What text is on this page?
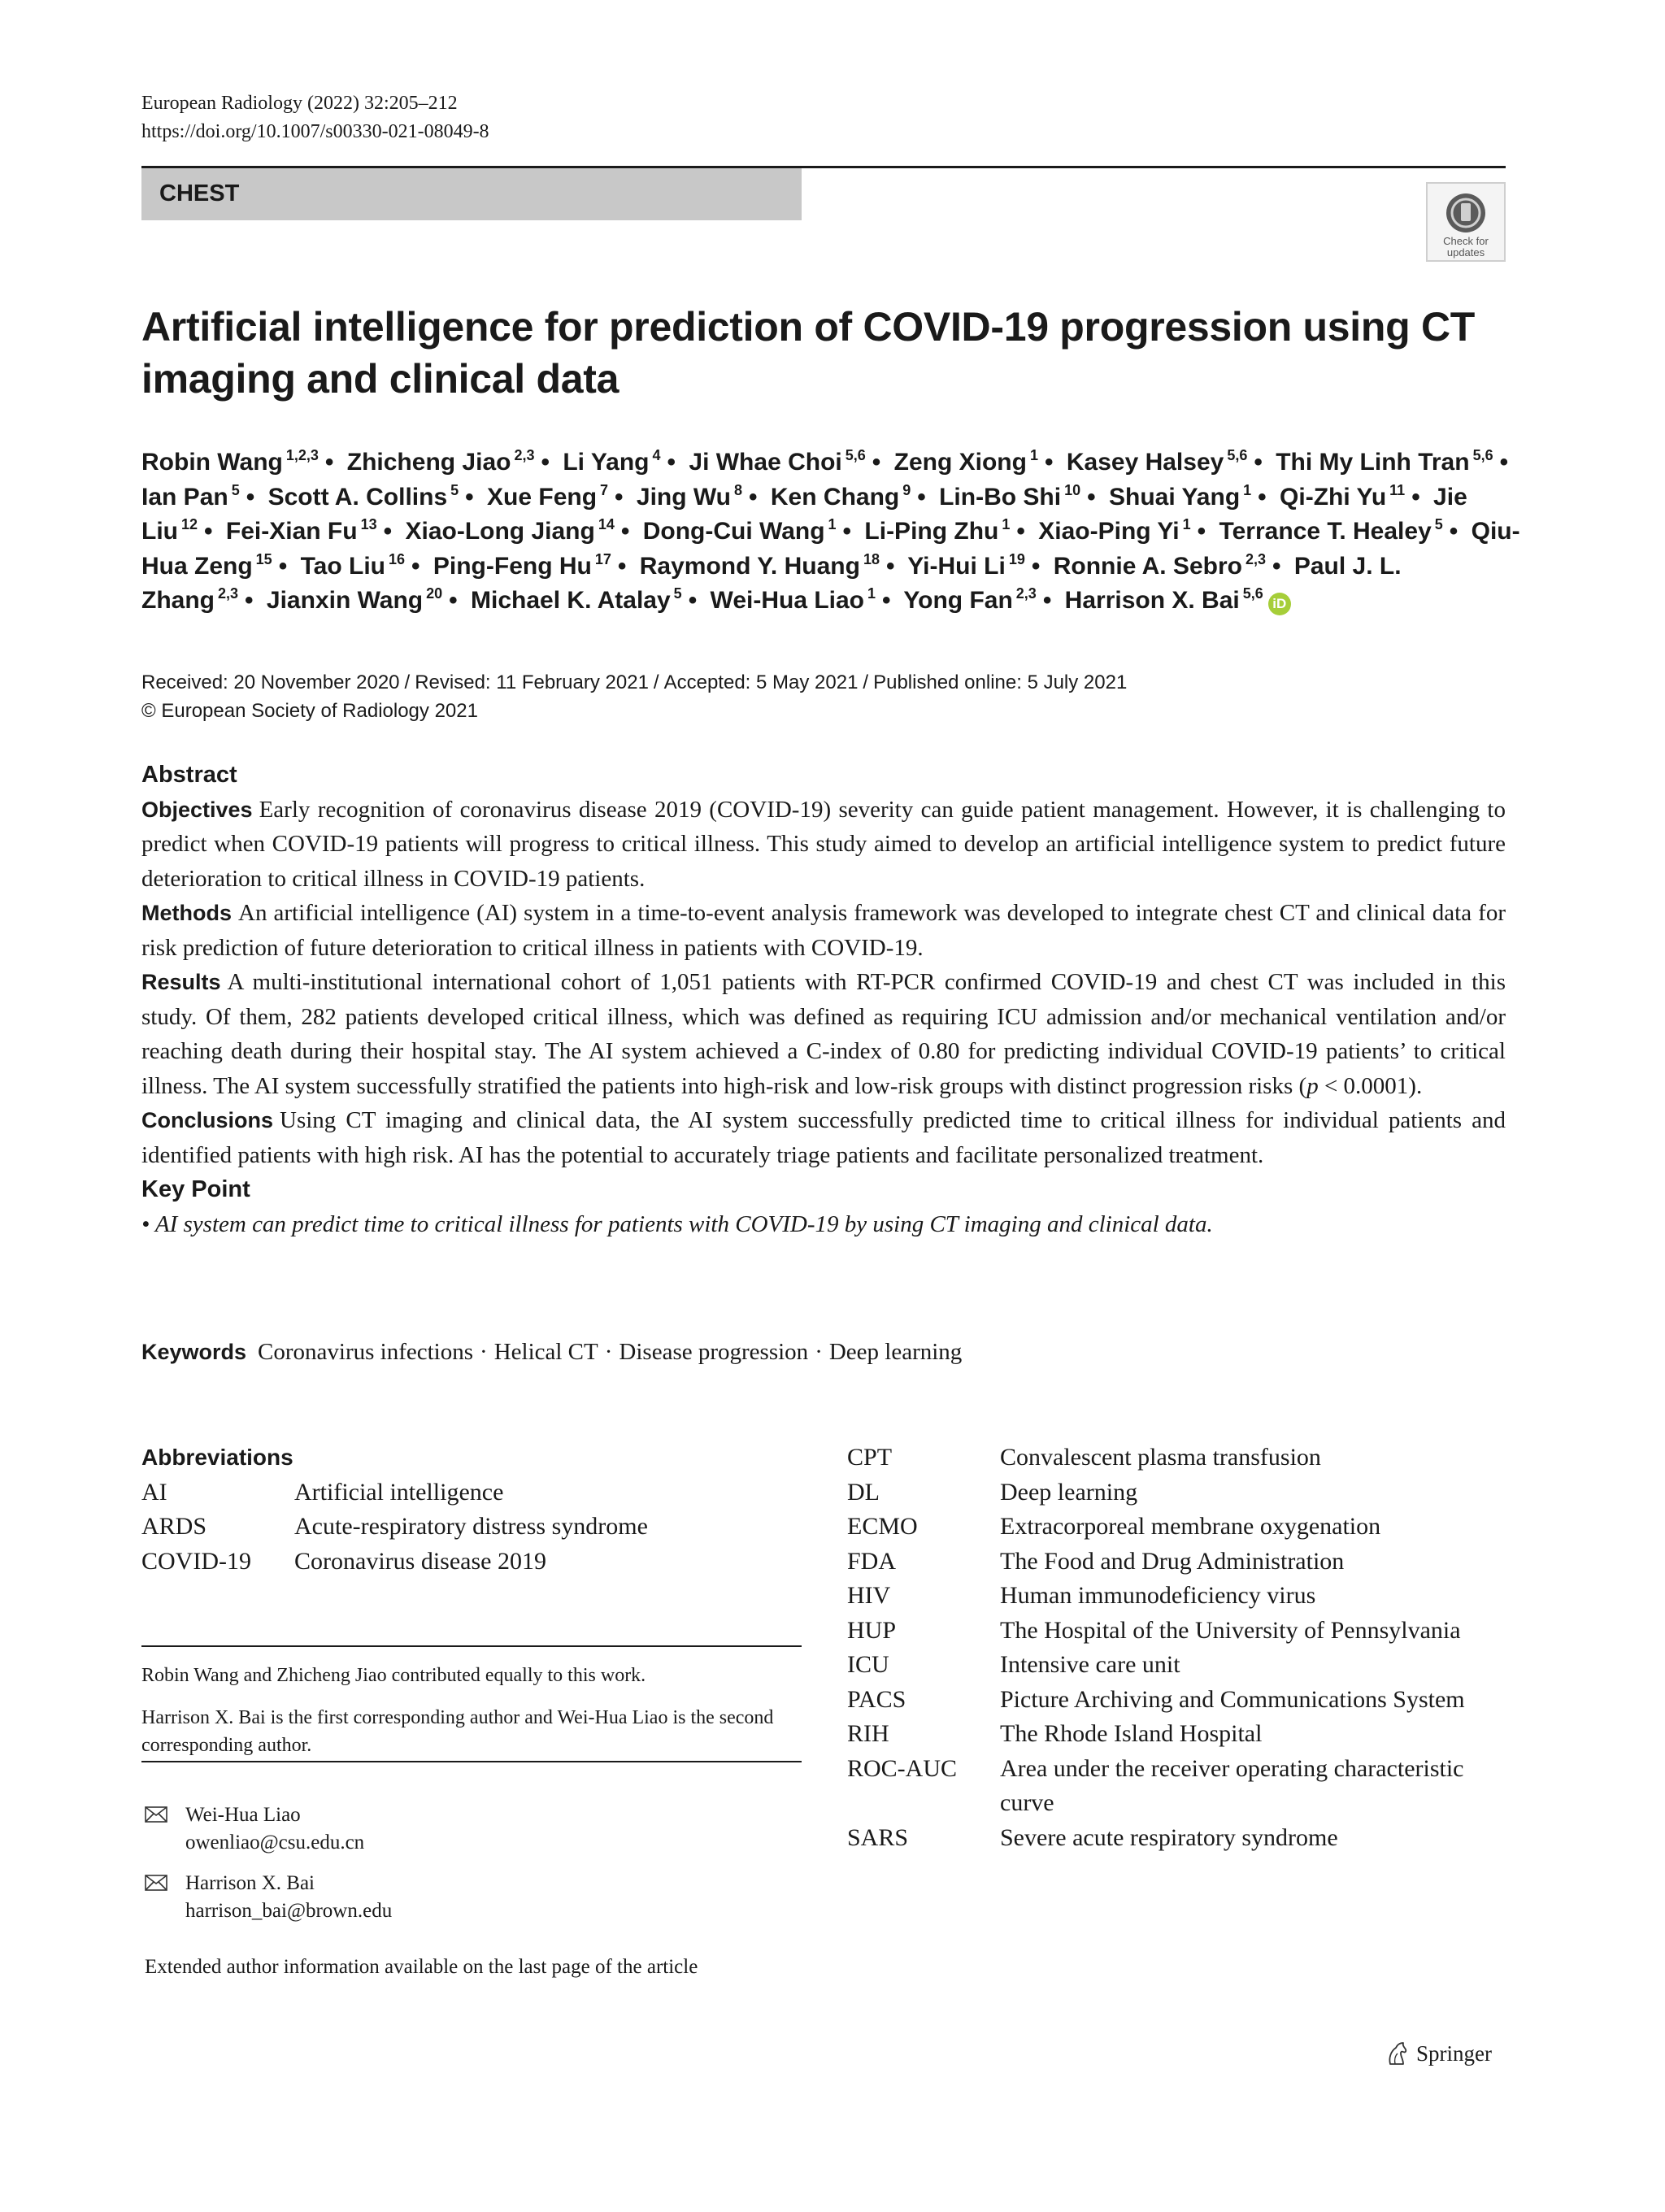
European Radiology (2022) 32:205–212
https://doi.org/10.1007/s00330-021-08049-8
CHEST
Check for
updates
Artificial intelligence for prediction of COVID-19 progression using CT imaging and clinical data
Robin Wang $^{1,2,3}$ • Zhicheng Jiao $^{2,3}$ • Li Yang $^4$ • Ji Whae Choi $^{5,6}$ • Zeng Xiong $^1$ • Kasey Halsey $^{5,6}$ • Thi My Linh Tran $^{5,6}$ • Ian Pan $^5$ • Scott A. Collins $^5$ • Xue Feng $^7$ • Jing Wu $^8$ • Ken Chang $^9$ • Lin-Bo Shi $^{10}$ • Shuai Yang $^1$ • Qi-Zhi Yu $^{11}$ • Jie Liu $^{12}$ • Fei-Xian Fu $^{13}$ • Xiao-Long Jiang $^{14}$ • Dong-Cui Wang $^1$ • Li-Ping Zhu $^1$ • Xiao-Ping Yi $^1$ • Terrance T. Healey $^5$ • Qiu-Hua Zeng $^{15}$ • Tao Liu $^{16}$ • Ping-Feng Hu $^{17}$ • Raymond Y. Huang $^{18}$ • Yi-Hui Li $^{19}$ • Ronnie A. Sebro $^{2,3}$ • Paul J. L. Zhang $^{2,3}$ • Jianxin Wang $^{20}$ • Michael K. Atalay $^5$ • Wei-Hua Liao $^1$ • Yong Fan $^{2,3}$ • Harrison X. Bai $^{5,6}$iD
Received: 20 November 2020 / Revised: 11 February 2021 / Accepted: 5 May 2021 / Published online: 5 July 2021
© European Society of Radiology 2021
Abstract

Objectives Early recognition of coronavirus disease 2019 (COVID-19) severity can guide patient management. However, it is challenging to predict when COVID-19 patients will progress to critical illness. This study aimed to develop an artificial intelligence system to predict future deterioration to critical illness in COVID-19 patients.

Methods An artificial intelligence (AI) system in a time-to-event analysis framework was developed to integrate chest CT and clinical data for risk prediction of future deterioration to critical illness in patients with COVID-19.

Results A multi-institutional international cohort of 1,051 patients with RT-PCR confirmed COVID-19 and chest CT was included in this study. Of them, 282 patients developed critical illness, which was defined as requiring ICU admission and/or mechanical ventilation and/or reaching death during their hospital stay. The AI system achieved a C-index of 0.80 for predicting individual COVID-19 patients’ to critical illness. The AI system successfully stratified the patients into high-risk and low-risk groups with distinct progression risks (p < 0.0001).

Conclusions Using CT imaging and clinical data, the AI system successfully predicted time to critical illness for individual patients and identified patients with high risk. AI has the potential to accurately triage patients and facilitate personalized treatment.

Key Point

• AI system can predict time to critical illness for patients with COVID-19 by using CT imaging and clinical data.

Keywords Coronavirus infections · Helical CT · Disease progression · Deep learning
Abbreviations
AI	Artificial intelligence
ARDS	Acute-respiratory distress syndrome
COVID-19	Coronavirus disease 2019
CPT	Convalescent plasma transfusion
DL	Deep learning
ECMO	Extracorporeal membrane oxygenation
FDA	The Food and Drug Administration
HIV	Human immunodeficiency virus
HUP	The Hospital of the University of Pennsylvania
ICU	Intensive care unit
PACS	Picture Archiving and Communications System
RIH	The Rhode Island Hospital
ROC-AUC	Area under the receiver operating characteristic curve
SARS	Severe acute respiratory syndrome
Robin Wang and Zhicheng Jiao contributed equally to this work.
Harrison X. Bai is the first corresponding author and Wei-Hua Liao is the second corresponding author.
Wei-Hua Liao
owenliao@csu.edu.cn
Harrison X. Bai
harrison_bai@brown.edu
Extended author information available on the last page of the article
Springer
